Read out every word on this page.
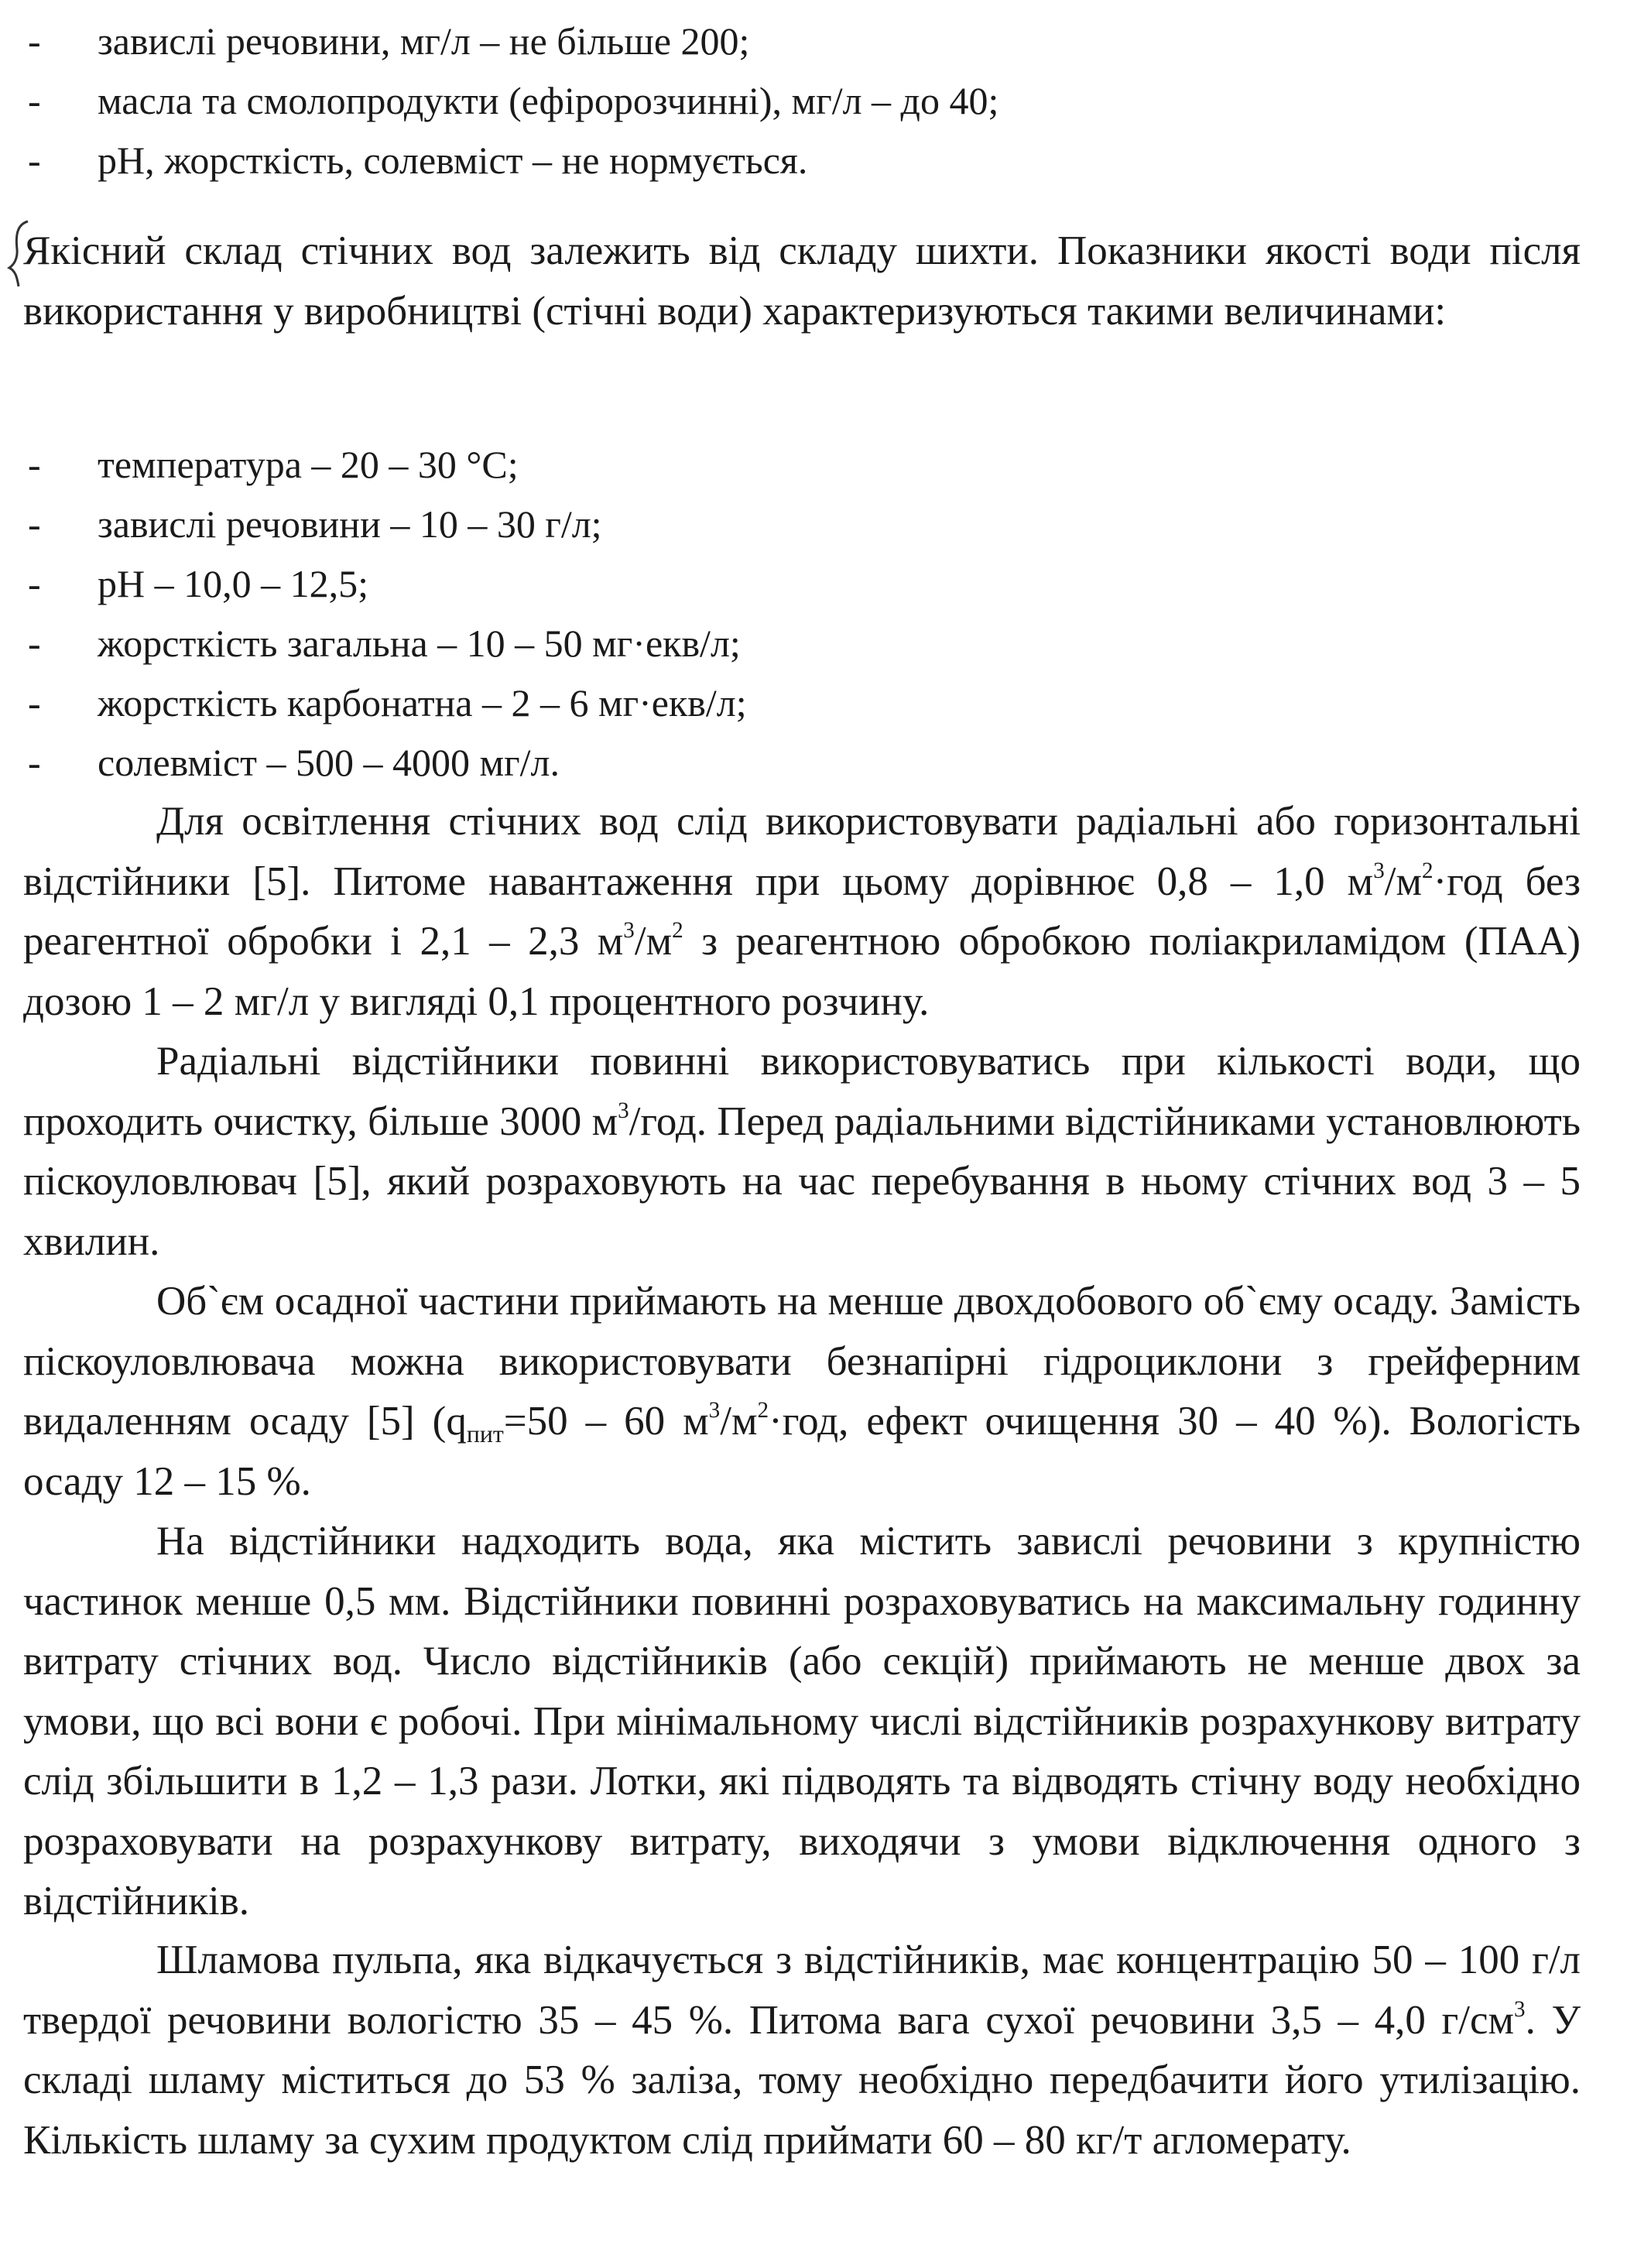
-	завислі речовини, мг/л – не більше 200;
-	масла та смолопродукти (ефіророзчинні), мг/л – до 40;
-	pH, жорсткість, солевміст – не нормується.

Якісний склад стічних вод залежить від складу шихти. Показники якості води після використання у виробництві (стічні води) характеризуються такими величинами:

-	температура – 20 – 30 °С;
-	завислі речовини – 10 – 30 г/л;
-	pH – 10,0 – 12,5;
-	жорсткість загальна – 10 – 50 мг·екв/л;
-	жорсткість карбонатна – 2 – 6 мг·екв/л;
-	солевміст – 500 – 4000 мг/л.

Для освітлення стічних вод слід використовувати радіальні або горизонтальні відстійники [5]. Питоме навантаження при цьому дорівнює 0,8 – 1,0 $м^3/м^2\cdot год$ без реагентної обробки і 2,1 – 2,3 $м^3/м^2$ з реагентною обробкою поліакриламідом (ПАА) дозою 1 – 2 мг/л у вигляді 0,1 процентного розчину.

Радіальні відстійники повинні використовуватись при кількості води, що проходить очистку, більше 3000 $м^3$/год. Перед радіальними відстійниками установлюють піскоуловлювач [5], який розраховують на час перебування в ньому стічних вод 3 – 5 хвилин.

Об`єм осадної частини приймають на менше двохдобового об`єму осаду. Замість піскоуловлювача можна використовувати безнапірні гідроциклони з грейферним видаленням осаду [5] (qпит=50 – 60 $м^3/м^2\cdot год$, ефект очищення 30 – 40 %). Вологість осаду 12 – 15 %.

На відстійники надходить вода, яка містить завислі речовини з крупністю частинок менше 0,5 мм. Відстійники повинні розраховуватись на максимальну годинну витрату стічних вод. Число відстійників (або секцій) приймають не менше двох за умови, що всі вони є робочі. При мінімальному числі відстійників розрахункову витрату слід збільшити в 1,2 – 1,3 рази. Лотки, які підводять та відводять стічну воду необхідно розраховувати на розрахункову витрату, виходячи з умови відключення одного з відстійників.

Шламова пульпа, яка відкачується з відстійників, має концентрацію 50 – 100 г/л твердої речовини вологістю 35 – 45 %. Питома вага сухої речовини 3,5 – 4,0 $г/см^3$. У складі шламу міститься до 53 % заліза, тому необхідно передбачити його утилізацію. Кількість шламу за сухим продуктом слід приймати 60 – 80 кг/т агломерату.
